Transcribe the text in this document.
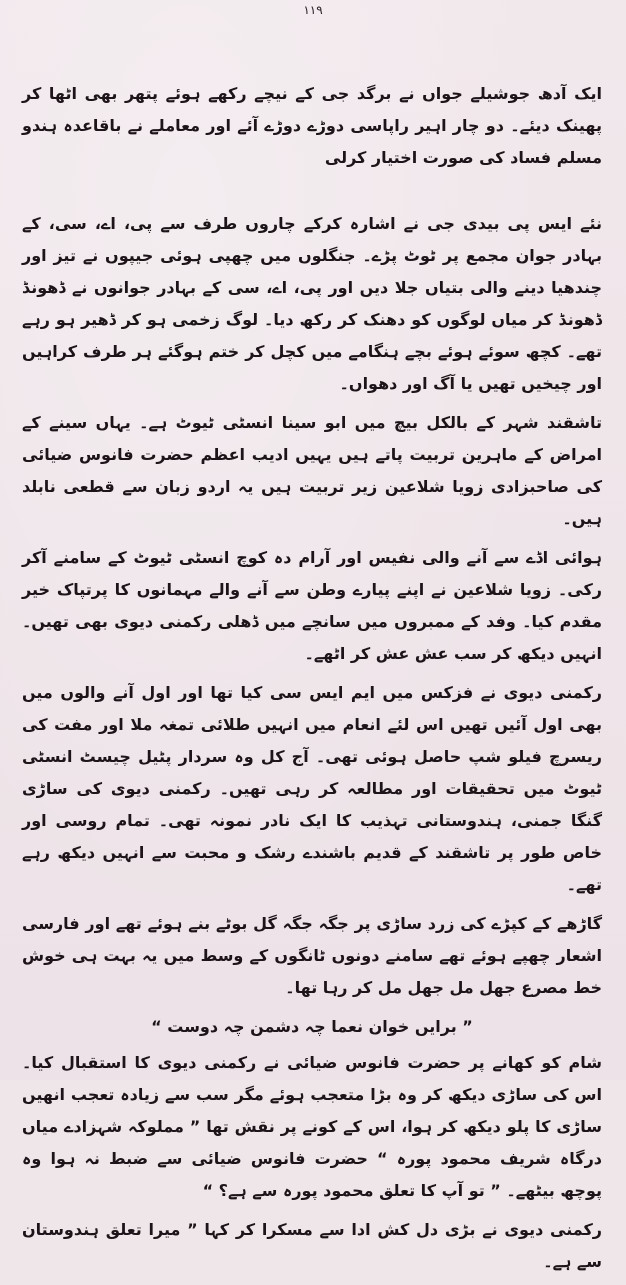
۱۱۹

ایک آدھ جوشیلے جواں نے برگد جی کے نیچے رکھے ہوئے پتھر بھی اٹھا کر پھینک دیئے۔ دو چار اہیر راپاسی دوڑے دوڑے آئے اور معاملے نے باقاعدہ ہندو مسلم فساد کی صورت اختیار کرلی

نئے ایس پی بیدی جی نے اشارہ کرکے چاروں طرف سے پی، اے، سی، کے بہادر جوان مجمع پر ٹوٹ پڑے۔ جنگلوں میں چھپی ہوئی جیپوں نے تیز اور چندھیا دینے والی بتیاں جلا دیں اور پی، اے، سی کے بہادر جوانوں نے ڈھونڈ ڈھونڈ کر میاں لوگوں کو دھنک کر رکھ دیا۔ لوگ زخمی ہو کر ڈھیر ہو رہے تھے۔ کچھ سوئے ہوئے بچے ہنگامے میں کچل کر ختم ہوگئے ہر طرف کراہیں اور چیخیں تھیں یا آگ اور دھواں۔

تاشقند شہر کے بالکل بیچ میں ابو سینا انسٹی ٹیوٹ ہے۔ یہاں سینے کے امراض کے ماہرین تربیت پاتے ہیں یہیں ادیب اعظم حضرت فانوس ضیائی کی صاحبزادی زویا شلاعین زیر تربیت ہیں یہ اردو زبان سے قطعی نابلد ہیں۔

ہوائی اڈے سے آنے والی نفیس اور آرام دہ کوچ انسٹی ٹیوٹ کے سامنے آکر رکی۔ زویا شلاعین نے اپنے پیارے وطن سے آنے والے مہمانوں کا پرتپاک خیر مقدم کیا۔ وفد کے ممبروں میں سانچے میں ڈھلی رکمنی دیوی بھی تھیں۔ انہیں دیکھ کر سب عش عش کر اٹھے۔

رکمنی دیوی نے فزکس میں ایم ایس سی کیا تھا اور اول آنے والوں میں بھی اول آئیں تھیں اس لئے انعام میں انہیں طلائی تمغہ ملا اور مفت کی ریسرچ فیلو شپ حاصل ہوئی تھی۔ آج کل وہ سردار پٹیل چیسٹ انسٹی ٹیوٹ میں تحقیقات اور مطالعہ کر رہی تھیں۔ رکمنی دیوی کی ساڑی گنگا جمنی، ہندوستانی تہذیب کا ایک نادر نمونہ تھی۔ تمام روسی اور خاص طور پر تاشقند کے قدیم باشندے رشک و محبت سے انہیں دیکھ رہے تھے۔

گاڑھے کے کپڑے کی زرد ساڑی پر جگہ جگہ گل بوٹے بنے ہوئے تھے اور فارسی اشعار چھپے ہوئے تھے سامنے دونوں ٹانگوں کے وسط میں یہ بہت ہی خوش خط مصرع جھل مل جھل مل کر رہا تھا۔

” برایں خوان نعما چہ دشمن چہ دوست “

شام کو کھانے پر حضرت فانوس ضیائی نے رکمنی دیوی کا استقبال کیا۔ اس کی ساڑی دیکھ کر وہ بڑا متعجب ہوئے مگر سب سے زیادہ تعجب انھیں ساڑی کا پلو دیکھ کر ہوا، اس کے کونے پر نقش تھا ” مملوکہ شہزادے میاں درگاہ شریف محمود پورہ “ حضرت فانوس ضیائی سے ضبط نہ ہوا وہ پوچھ بیٹھے۔ ” تو آپ کا تعلق محمود پورہ سے ہے؟ “

رکمنی دیوی نے بڑی دل کش ادا سے مسکرا کر کہا ” میرا تعلق ہندوستان سے ہے۔
